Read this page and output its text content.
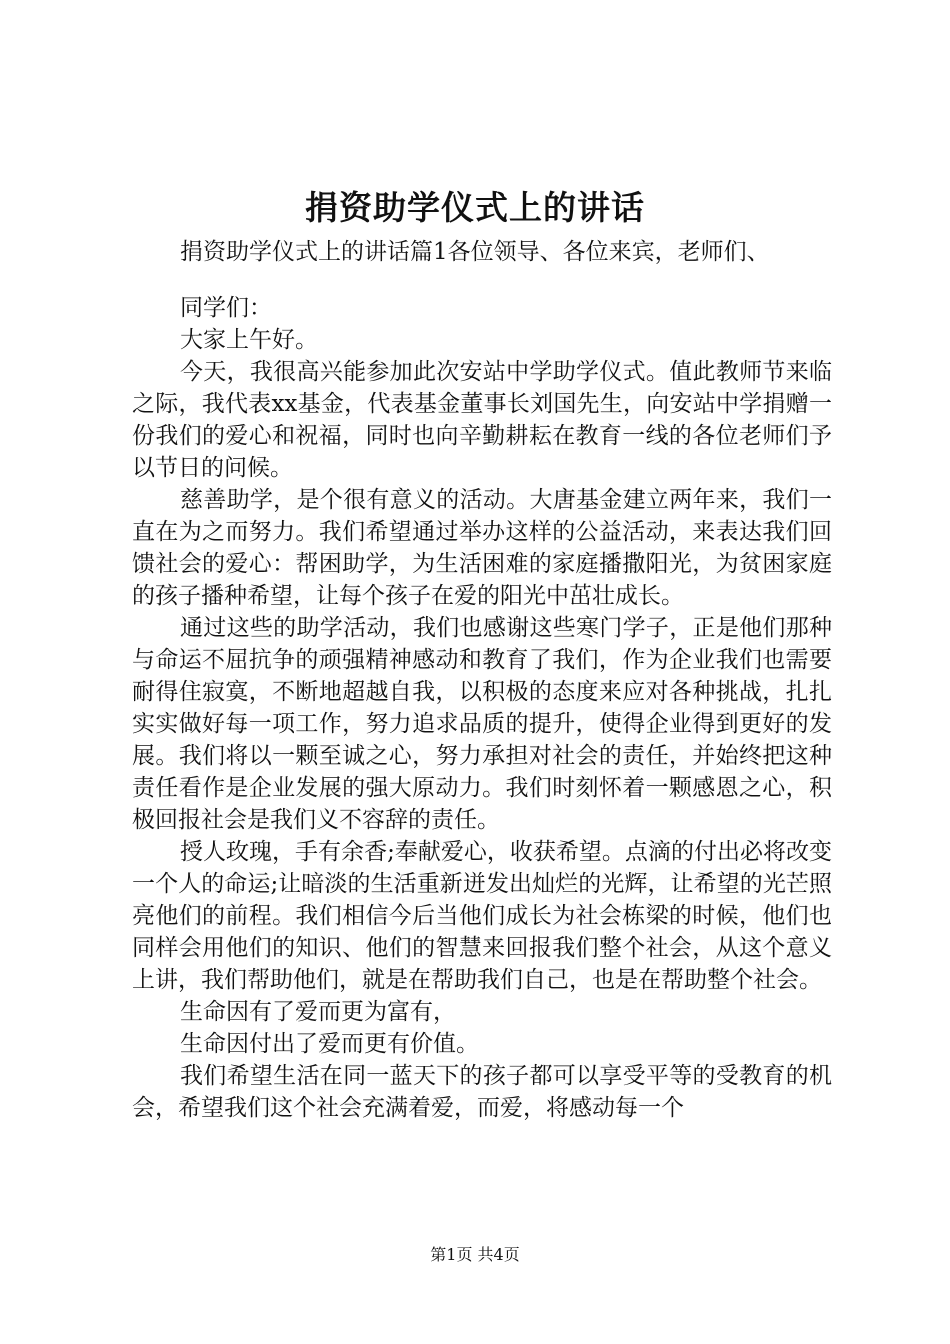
捐资助学仪式上的讲话

捐资助学仪式上的讲话篇1各位领导、各位来宾，老师们、

同学们：

大家上午好。

今天，我很高兴能参加此次安站中学助学仪式。值此教师节来临之际，我代表xx基金，代表基金董事长刘国先生，向安站中学捐赠一份我们的爱心和祝福，同时也向辛勤耕耘在教育一线的各位老师们予以节日的问候。

慈善助学，是个很有意义的活动。大唐基金建立两年来，我们一直在为之而努力。我们希望通过举办这样的公益活动，来表达我们回馈社会的爱心：帮困助学，为生活困难的家庭播撒阳光，为贫困家庭的孩子播种希望，让每个孩子在爱的阳光中茁壮成长。

通过这些的助学活动，我们也感谢这些寒门学子，正是他们那种与命运不屈抗争的顽强精神感动和教育了我们，作为企业我们也需要耐得住寂寞，不断地超越自我，以积极的态度来应对各种挑战，扎扎实实做好每一项工作，努力追求品质的提升，使得企业得到更好的发展。我们将以一颗至诚之心，努力承担对社会的责任，并始终把这种责任看作是企业发展的强大原动力。我们时刻怀着一颗感恩之心，积极回报社会是我们义不容辞的责任。

授人玫瑰，手有余香;奉献爱心，收获希望。点滴的付出必将改变一个人的命运;让暗淡的生活重新迸发出灿烂的光辉，让希望的光芒照亮他们的前程。我们相信今后当他们成长为社会栋梁的时候，他们也同样会用他们的知识、他们的智慧来回报我们整个社会，从这个意义上讲，我们帮助他们，就是在帮助我们自己，也是在帮助整个社会。

生命因有了爱而更为富有，

生命因付出了爱而更有价值。

我们希望生活在同一蓝天下的孩子都可以享受平等的受教育的机会，希望我们这个社会充满着爱，而爱，将感动每一个

第1页 共4页
